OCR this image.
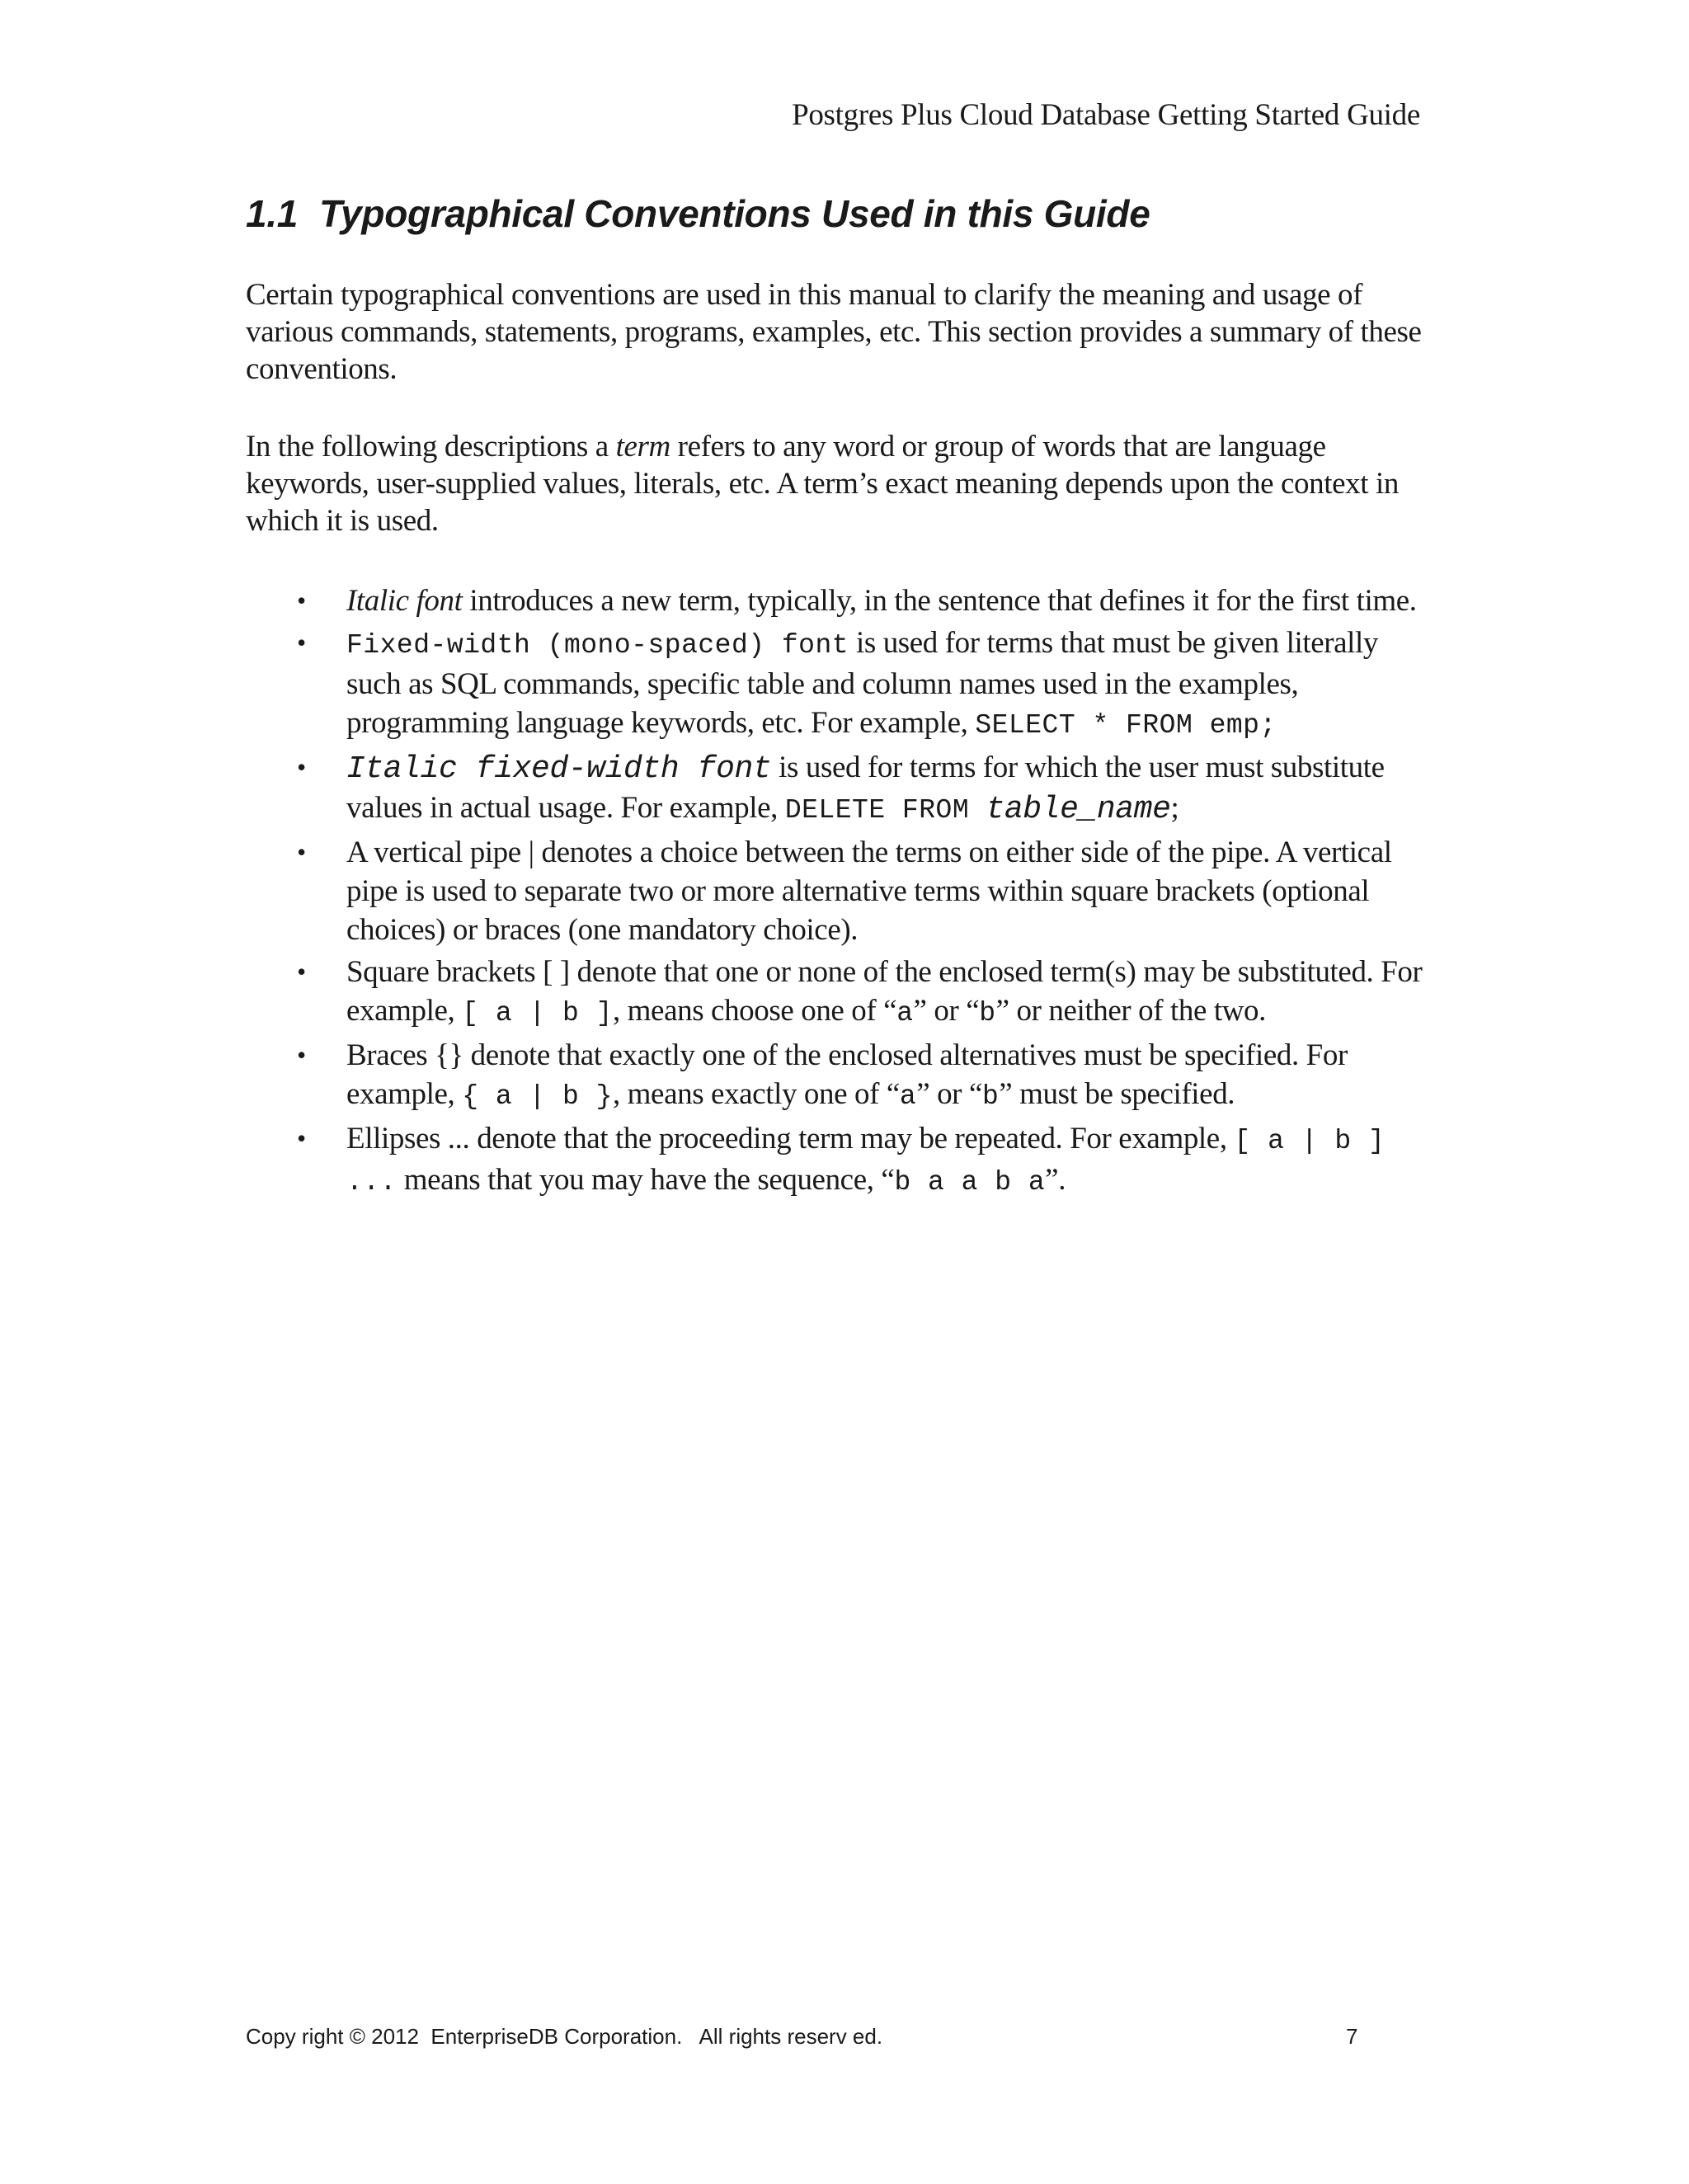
Postgres Plus Cloud Database Getting Started Guide
1.1 Typographical Conventions Used in this Guide

Certain typographical conventions are used in this manual to clarify the meaning and usage of various commands, statements, programs, examples, etc. This section provides a summary of these conventions.

In the following descriptions a term refers to any word or group of words that are language keywords, user-supplied values, literals, etc. A term’s exact meaning depends upon the context in which it is used.

• Italic font introduces a new term, typically, in the sentence that defines it for the first time.
• Fixed-width (mono-spaced) font is used for terms that must be given literally such as SQL commands, specific table and column names used in the examples, programming language keywords, etc. For example, SELECT * FROM emp;
• Italic fixed-width font is used for terms for which the user must substitute values in actual usage. For example, DELETE FROM table_name;
• A vertical pipe | denotes a choice between the terms on either side of the pipe. A vertical pipe is used to separate two or more alternative terms within square brackets (optional choices) or braces (one mandatory choice).
• Square brackets [ ] denote that one or none of the enclosed term(s) may be substituted. For example, [ a | b ], means choose one of “a” or “b” or neither of the two.
• Braces {} denote that exactly one of the enclosed alternatives must be specified. For example, { a | b }, means exactly one of “a” or “b” must be specified.
• Ellipses ... denote that the proceeding term may be repeated. For example, [ a | b ] ... means that you may have the sequence, “b a a b a”.
Copy right © 2012  EnterpriseDB Corporation.   All rights reserv ed.	7
